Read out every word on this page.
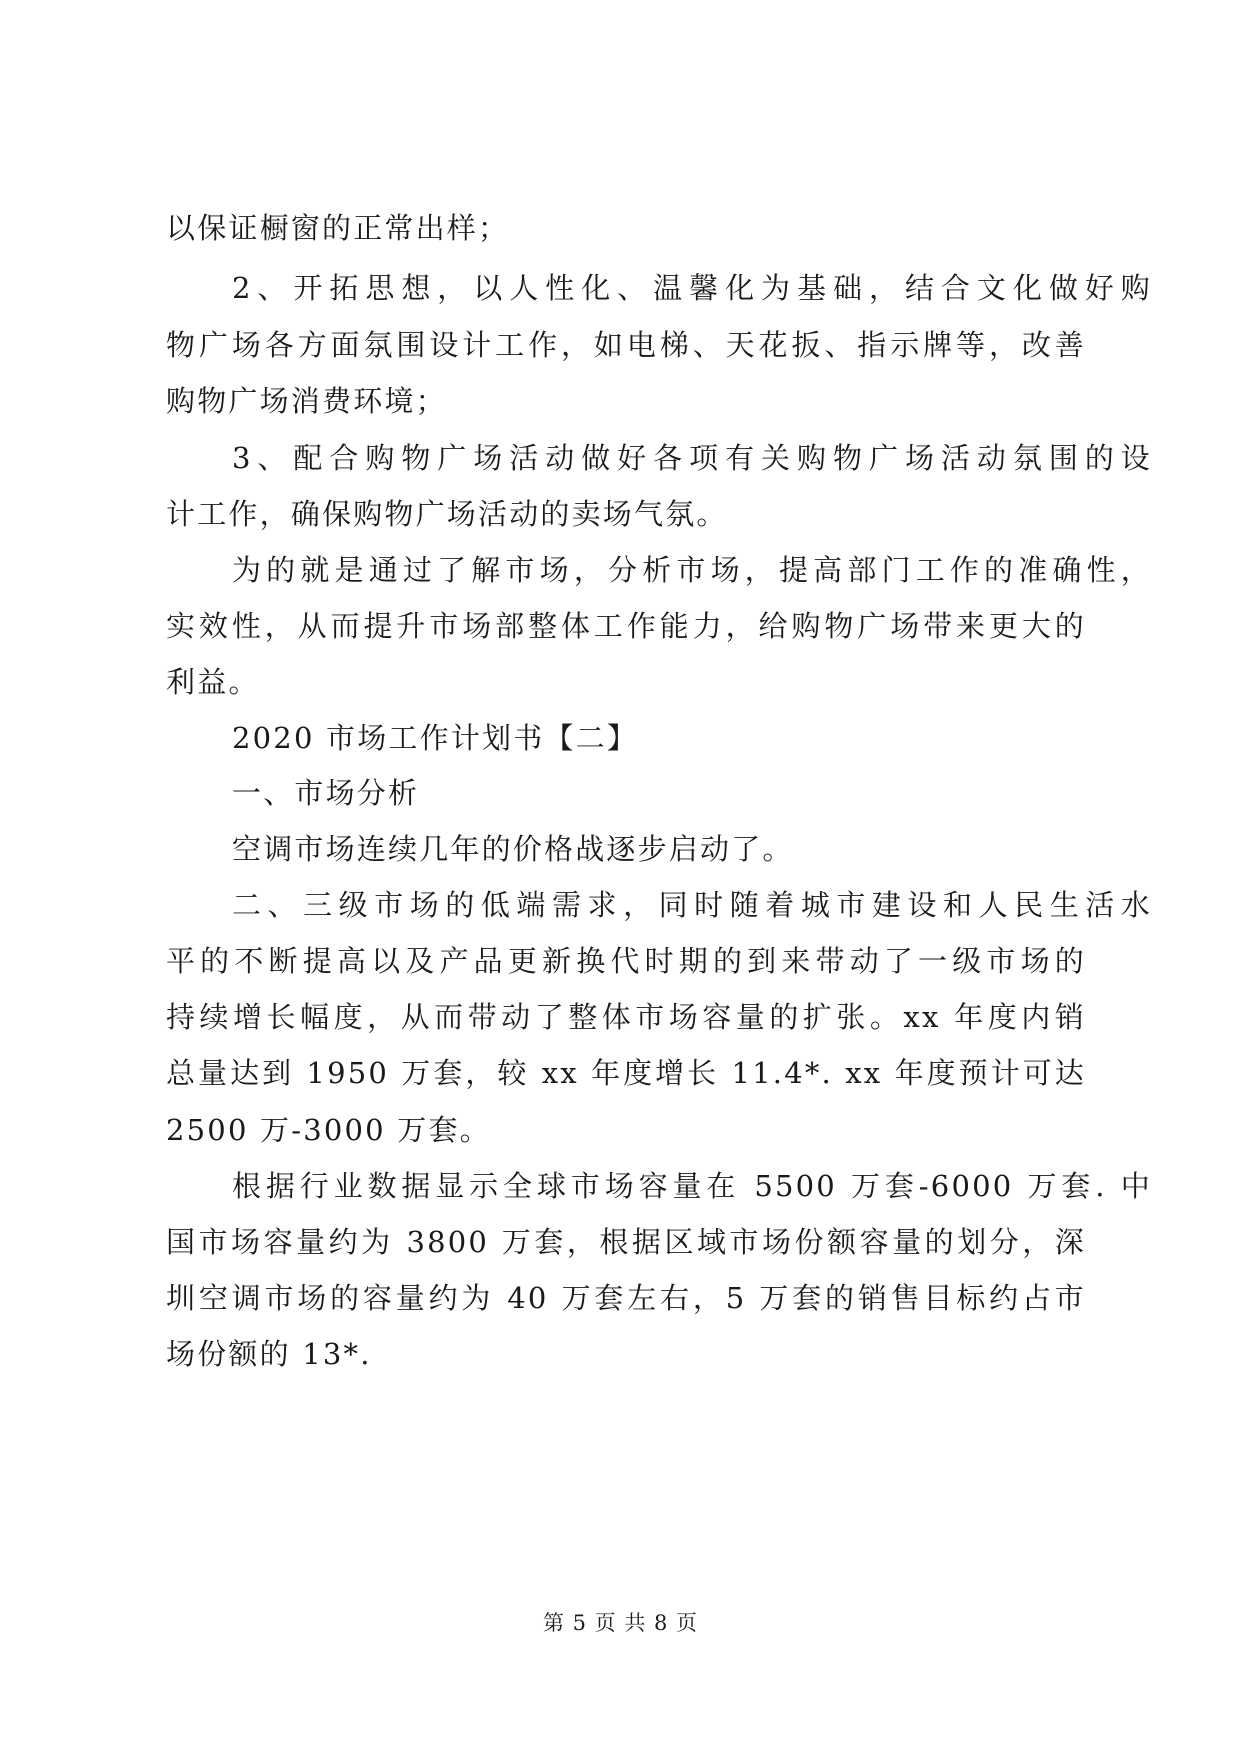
以保证橱窗的正常出样；
2、开拓思想，以人性化、温馨化为基础，结合文化做好购
物广场各方面氛围设计工作，如电梯、天花扳、指示牌等，改善
购物广场消费环境；
3、配合购物广场活动做好各项有关购物广场活动氛围的设
计工作，确保购物广场活动的卖场气氛。
为的就是通过了解市场，分析市场，提高部门工作的准确性，
实效性，从而提升市场部整体工作能力，给购物广场带来更大的
利益。
2020 市场工作计划书【二】
一、市场分析
空调市场连续几年的价格战逐步启动了。
二、三级市场的低端需求，同时随着城市建设和人民生活水
平的不断提高以及产品更新换代时期的到来带动了一级市场的
持续增长幅度，从而带动了整体市场容量的扩张。xx 年度内销
总量达到 1950 万套，较 xx 年度增长 11.4*. xx 年度预计可达
2500 万-3000 万套。
根据行业数据显示全球市场容量在 5500 万套-6000 万套. 中
国市场容量约为 3800 万套，根据区域市场份额容量的划分，深
圳空调市场的容量约为 40 万套左右，5 万套的销售目标约占市
场份额的 13*.
第 5 页 共 8 页
